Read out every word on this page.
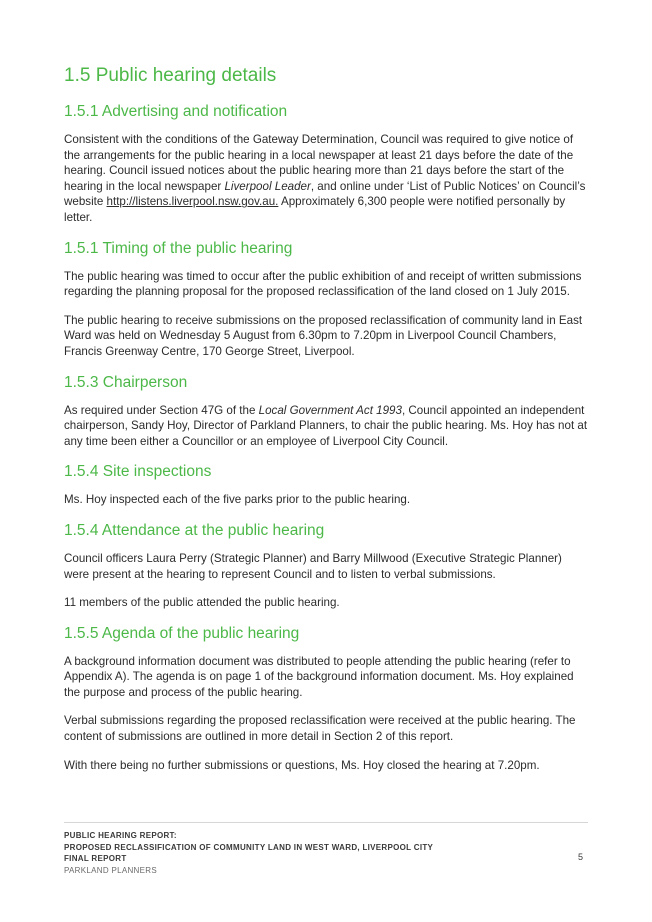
1.5 Public hearing details
1.5.1 Advertising and notification

Consistent with the conditions of the Gateway Determination, Council was required to give notice of the arrangements for the public hearing in a local newspaper at least 21 days before the date of the hearing. Council issued notices about the public hearing more than 21 days before the start of the hearing in the local newspaper Liverpool Leader, and online under ‘List of Public Notices’ on Council’s website http://listens.liverpool.nsw.gov.au. Approximately 6,300 people were notified personally by letter.

1.5.1 Timing of the public hearing

The public hearing was timed to occur after the public exhibition of and receipt of written submissions regarding the planning proposal for the proposed reclassification of the land closed on 1 July 2015.

The public hearing to receive submissions on the proposed reclassification of community land in East Ward was held on Wednesday 5 August from 6.30pm to 7.20pm in Liverpool Council Chambers, Francis Greenway Centre, 170 George Street, Liverpool.

1.5.3 Chairperson

As required under Section 47G of the Local Government Act 1993, Council appointed an independent chairperson, Sandy Hoy, Director of Parkland Planners, to chair the public hearing. Ms. Hoy has not at any time been either a Councillor or an employee of Liverpool City Council.

1.5.4 Site inspections

Ms. Hoy inspected each of the five parks prior to the public hearing.

1.5.4 Attendance at the public hearing

Council officers Laura Perry (Strategic Planner) and Barry Millwood (Executive Strategic Planner) were present at the hearing to represent Council and to listen to verbal submissions.

11 members of the public attended the public hearing.

1.5.5 Agenda of the public hearing

A background information document was distributed to people attending the public hearing (refer to Appendix A). The agenda is on page 1 of the background information document. Ms. Hoy explained the purpose and process of the public hearing.

Verbal submissions regarding the proposed reclassification were received at the public hearing. The content of submissions are outlined in more detail in Section 2 of this report.

With there being no further submissions or questions, Ms. Hoy closed the hearing at 7.20pm.

PUBLIC HEARING REPORT:
PROPOSED RECLASSIFICATION OF COMMUNITY LAND IN WEST WARD, LIVERPOOL CITY
FINAL REPORT
PARKLAND PLANNERS
5
